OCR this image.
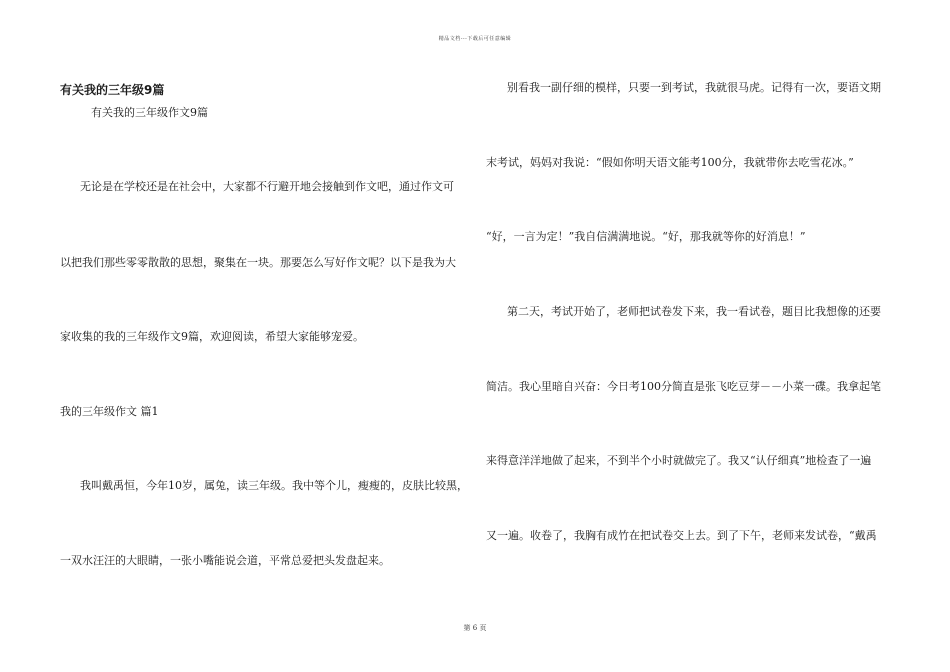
精品文档---下载后可任意编辑
有关我的三年级9篇
有关我的三年级作文9篇
无论是在学校还是在社会中，大家都不行避开地会接触到作文吧，通过作文可
以把我们那些零零散散的思想，聚集在一块。那要怎么写好作文呢？以下是我为大
家收集的我的三年级作文9篇，欢迎阅读，希望大家能够宠爱。
我的三年级作文 篇1
我叫戴禹恒，今年10岁，属兔，读三年级。我中等个儿，瘦瘦的，皮肤比较黑，
一双水汪汪的大眼睛，一张小嘴能说会道，平常总爱把头发盘起来。
别看我一副仔细的模样，只要一到考试，我就很马虎。记得有一次，要语文期
末考试，妈妈对我说：“假如你明天语文能考100分，我就带你去吃雪花冰。”
“好，一言为定！”我自信满满地说。“好，那我就等你的好消息！”
第二天，考试开始了，老师把试卷发下来，我一看试卷，题目比我想像的还要
简洁。我心里暗自兴奋：今日考100分简直是张飞吃豆芽－－小菜一碟。我拿起笔
来得意洋洋地做了起来，不到半个小时就做完了。我又“认仔细真”地检查了一遍
又一遍。收卷了，我胸有成竹在把试卷交上去。到了下午，老师来发试卷，“戴禹
第 6 页
